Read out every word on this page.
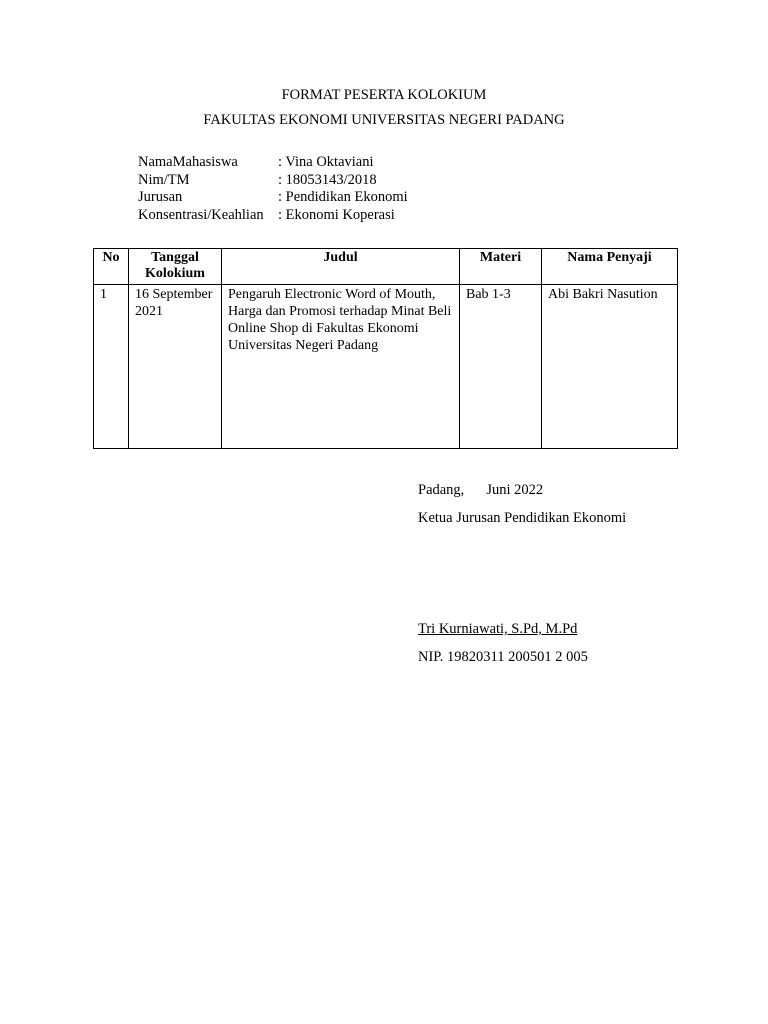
FORMAT PESERTA KOLOKIUM
FAKULTAS EKONOMI UNIVERSITAS NEGERI PADANG
NamaMahasiswa	: Vina Oktaviani
Nim/TM	: 18053143/2018
Jurusan	: Pendidikan Ekonomi
Konsentrasi/Keahlian : Ekonomi Koperasi
No	Tanggal Kolokium	Judul	Materi	Nama Penyaji
1	16 September 2021	Pengaruh Electronic Word of Mouth, Harga dan Promosi terhadap Minat Beli Online Shop di Fakultas Ekonomi Universitas Negeri Padang	Bab 1-3	Abi Bakri Nasution
Padang, Juni 2022
Ketua Jurusan Pendidikan Ekonomi
Tri Kurniawati, S.Pd, M.Pd
NIP. 19820311 200501 2 005
